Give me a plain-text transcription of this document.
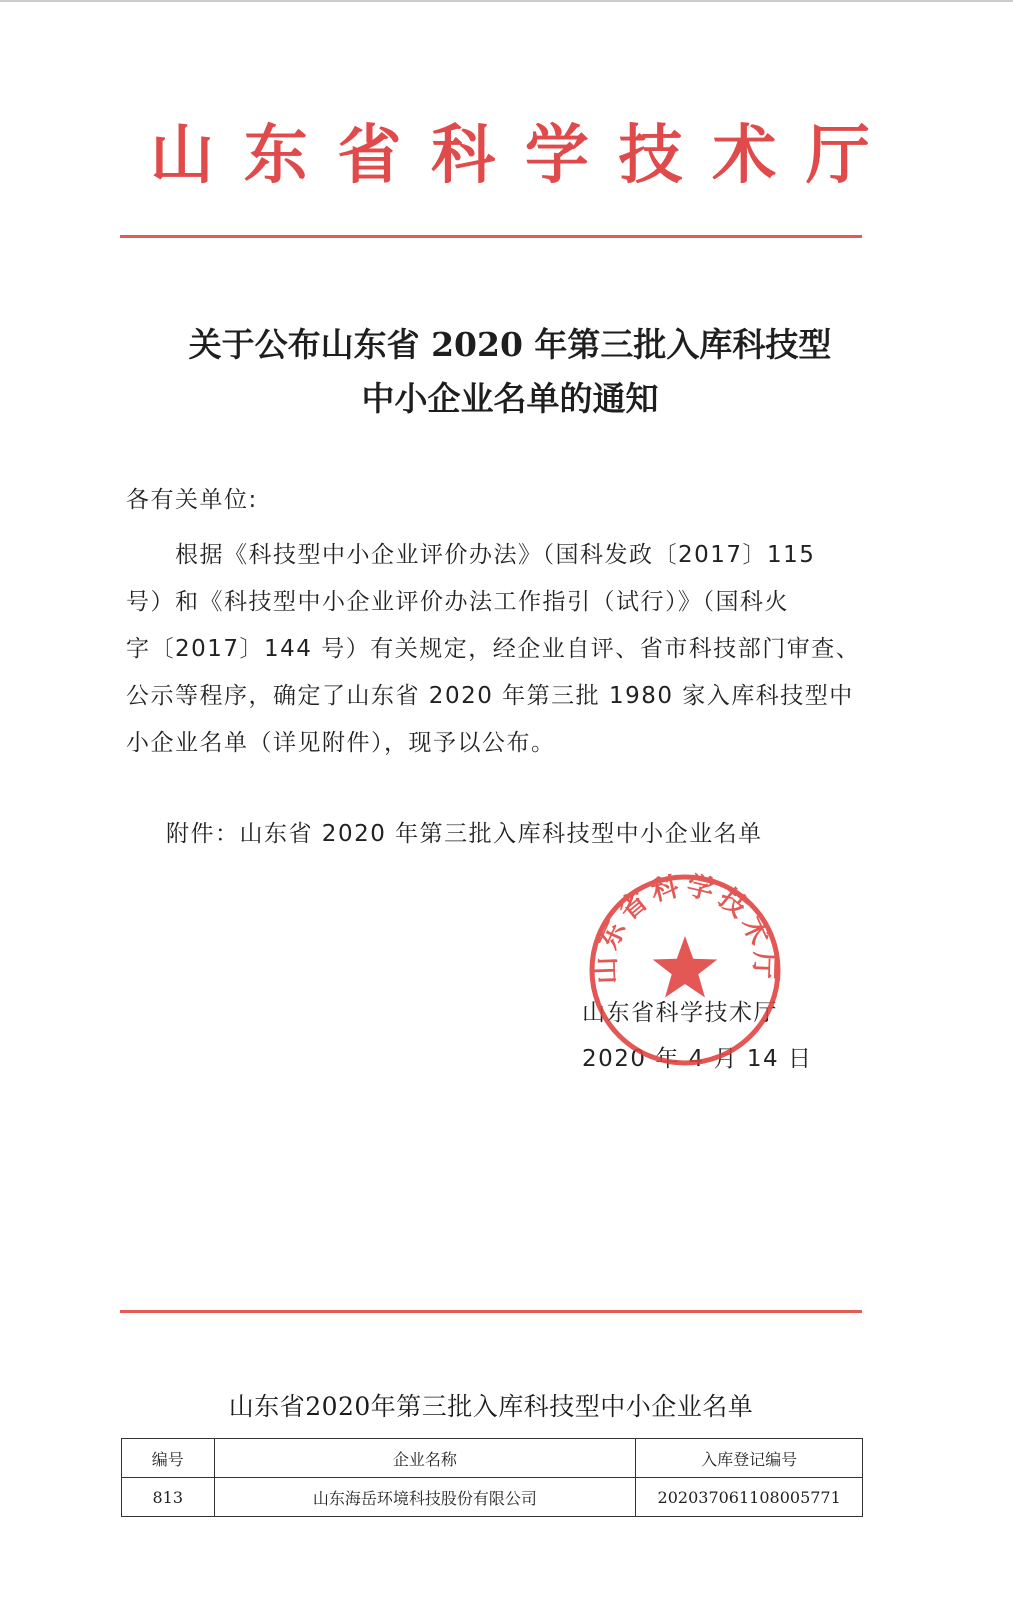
山 东 省 科 学 技 术 厅
关于公布山东省 2020 年第三批入库科技型
中小企业名单的通知
各有关单位:
　　根据《科技型中小企业评价办法》（国科发政〔2017〕115
号）和《科技型中小企业评价办法工作指引（试行）》（国科火
字〔2017〕144 号）有关规定，经企业自评、省市科技部门审查、
公示等程序，确定了山东省 2020 年第三批 1980 家入库科技型中
小企业名单（详见附件），现予以公布。
附件：山东省 2020 年第三批入库科技型中小企业名单
山东省科学技术厅
山东省科学技术厅
2020 年 4 月 14 日
山东省2020年第三批入库科技型中小企业名单
编号	企业名称	入库登记编号
813	山东海岳环境科技股份有限公司	202037061108005771
